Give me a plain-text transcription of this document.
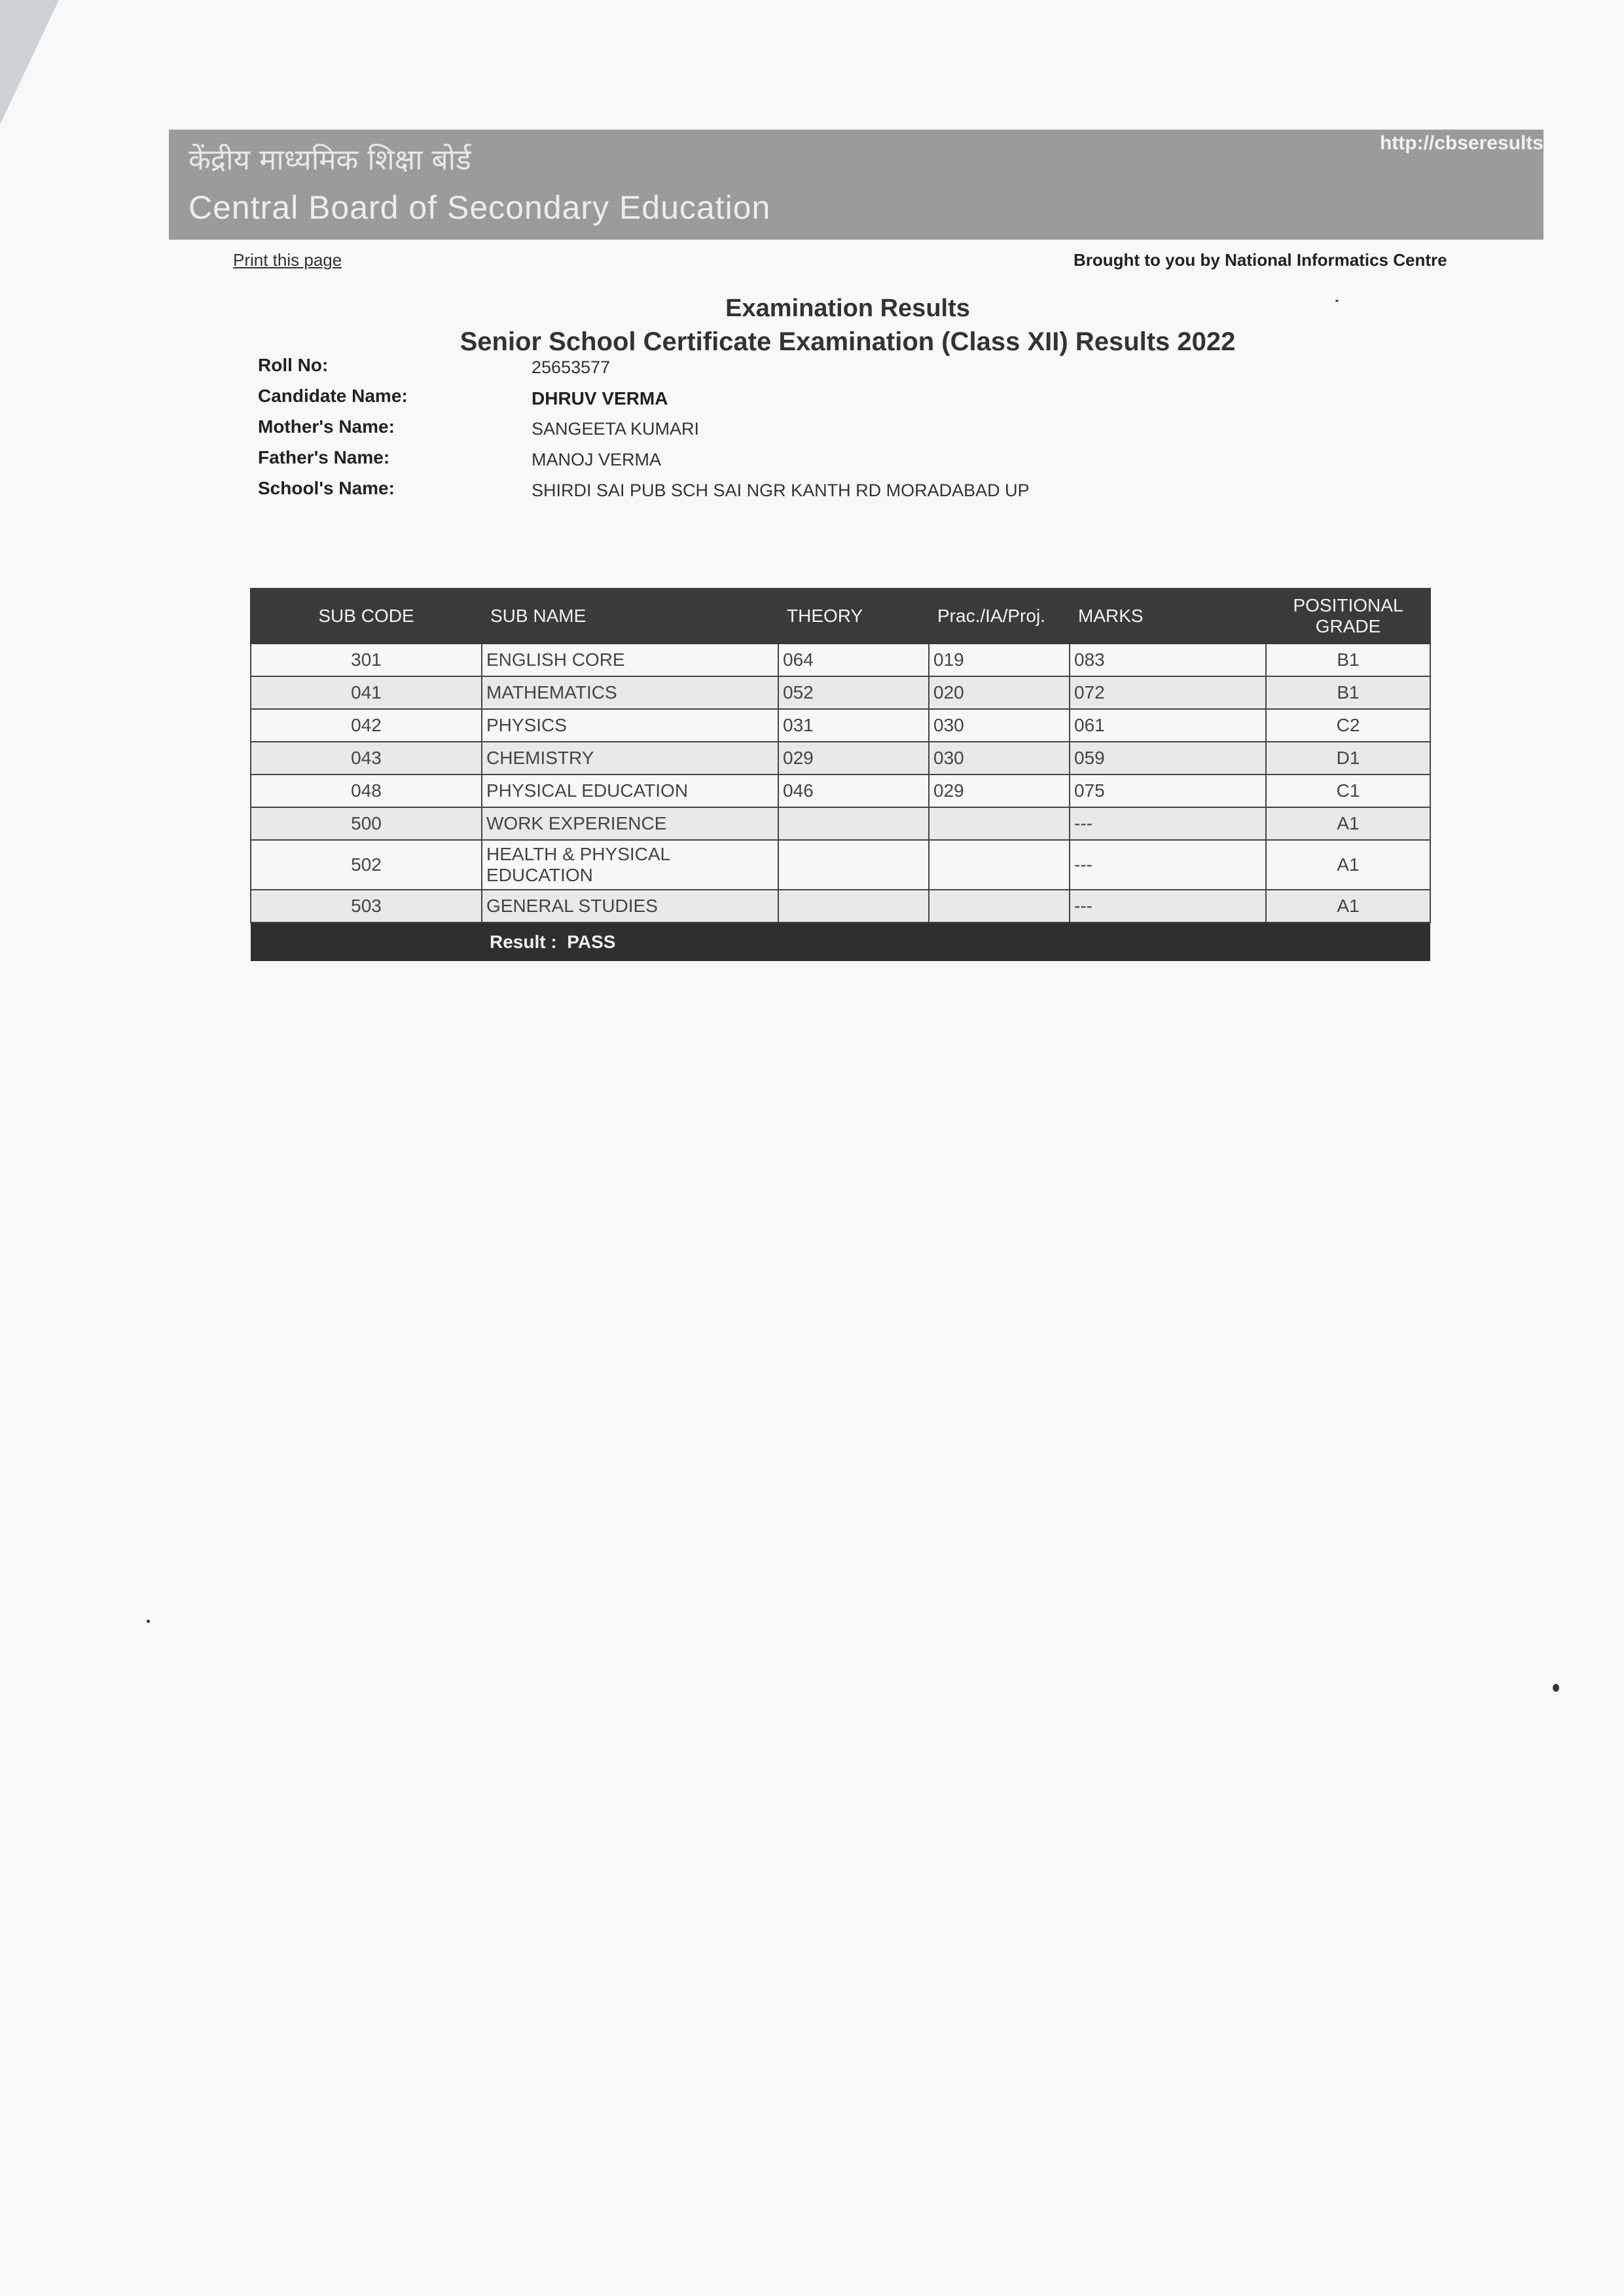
केंद्रीय माध्यमिक शिक्षा बोर्ड
Central Board of Secondary Education
http://cbseresults
Print this page	Brought to you by National Informatics Centre
Examination Results
Senior School Certificate Examination (Class XII) Results 2022
Roll No:	25653577
Candidate Name:	DHRUV VERMA
Mother's Name:	SANGEETA KUMARI
Father's Name:	MANOJ VERMA
School's Name:	SHIRDI SAI PUB SCH SAI NGR KANTH RD MORADABAD UP
SUB CODE	SUB NAME	THEORY	Prac./IA/Proj.	MARKS	POSITIONAL GRADE
301	ENGLISH CORE	064	019	083	B1
041	MATHEMATICS	052	020	072	B1
042	PHYSICS	031	030	061	C2
043	CHEMISTRY	029	030	059	D1
048	PHYSICAL EDUCATION	046	029	075	C1
500	WORK EXPERIENCE			---	A1
502	HEALTH & PHYSICAL EDUCATION			---	A1
503	GENERAL STUDIES			---	A1
	Result : PASS				
